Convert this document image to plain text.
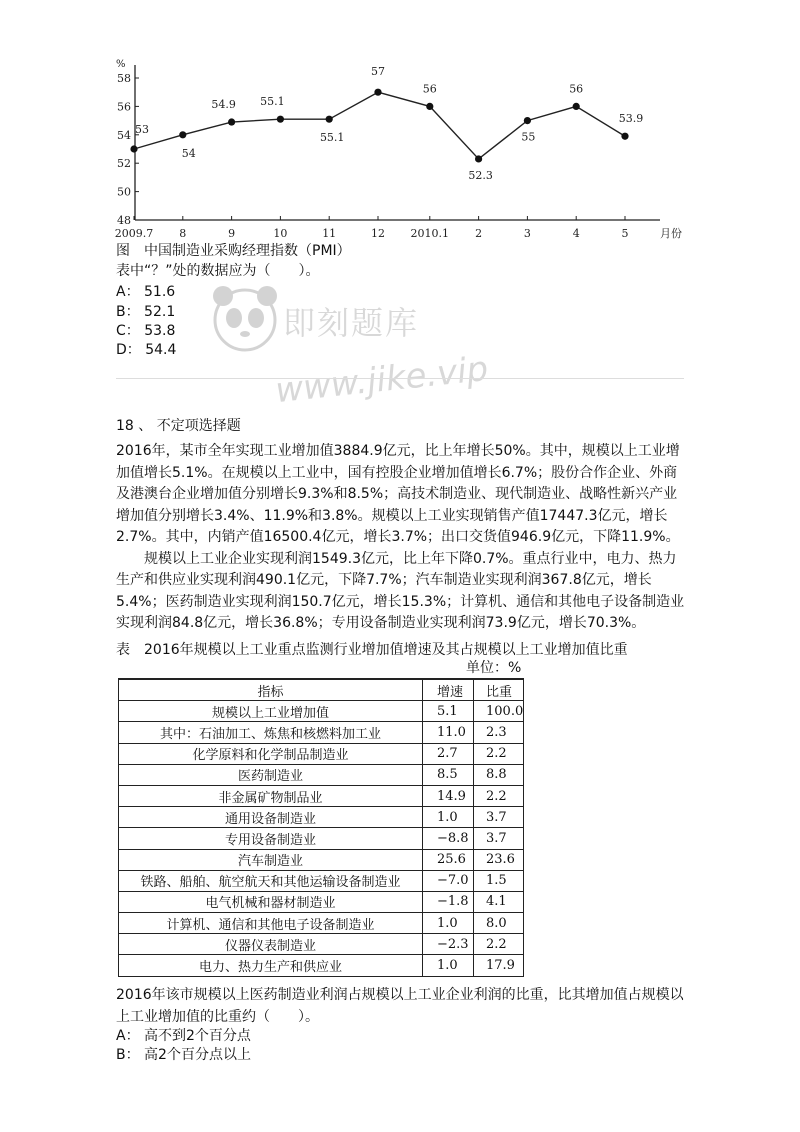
%
48
50
52
54
56
58
2009.7 8	9	10	11	12 2010.1 2	3	4	5	月份
53
54
54.9 55.1
55.1
57
56
52.3
55
56
53.9
图　中国制造业采购经理指数（PMI）
表中“？”处的数据应为（　　）。
A： 51.6
B： 52.1
C： 53.8
D： 54.4
即刻题库
www.jike.vip
18 、 不定项选择题

2016年，某市全年实现工业增加值3884.9亿元，比上年增长50%。其中，规模以上工业增加值增长5.1%。在规模以上工业中，国有控股企业增加值增长6.7%；股份合作企业、外商及港澳台企业增加值分别增长9.3%和8.5%；高技术制造业、现代制造业、战略性新兴产业增加值分别增长3.4%、11.9%和3.8%。规模以上工业实现销售产值17447.3亿元，增长2.7%。其中，内销产值16500.4亿元，增长3.7%；出口交货值946.9亿元，下降11.9%。

规模以上工业企业实现利润1549.3亿元，比上年下降0.7%。重点行业中，电力、热力生产和供应业实现利润490.1亿元，下降7.7%；汽车制造业实现利润367.8亿元，增长5.4%；医药制造业实现利润150.7亿元，增长15.3%；计算机、通信和其他电子设备制造业实现利润84.8亿元，增长36.8%；专用设备制造业实现利润73.9亿元，增长70.3%。

表　2016年规模以上工业重点监测行业增加值增速及其占规模以上工业增加值比重
单位：%
指标	增速	比重
规模以上工业增加值	5.1	100.0
其中：石油加工、炼焦和核燃料加工业	11.0	2.3
化学原料和化学制品制造业	2.7	2.2
医药制造业	8.5	8.8
非金属矿物制品业	14.9	2.2
通用设备制造业	1.0	3.7
专用设备制造业	−8.8	3.7
汽车制造业	25.6	23.6
铁路、船舶、航空航天和其他运输设备制造业	−7.0	1.5
电气机械和器材制造业	−1.8	4.1
计算机、通信和其他电子设备制造业	1.0	8.0
仪器仪表制造业	−2.3	2.2
电力、热力生产和供应业	1.0	17.9
2016年该市规模以上医药制造业利润占规模以上工业企业利润的比重，比其增加值占规模以上工业增加值的比重约（　　）。
A： 高不到2个百分点
B： 高2个百分点以上
